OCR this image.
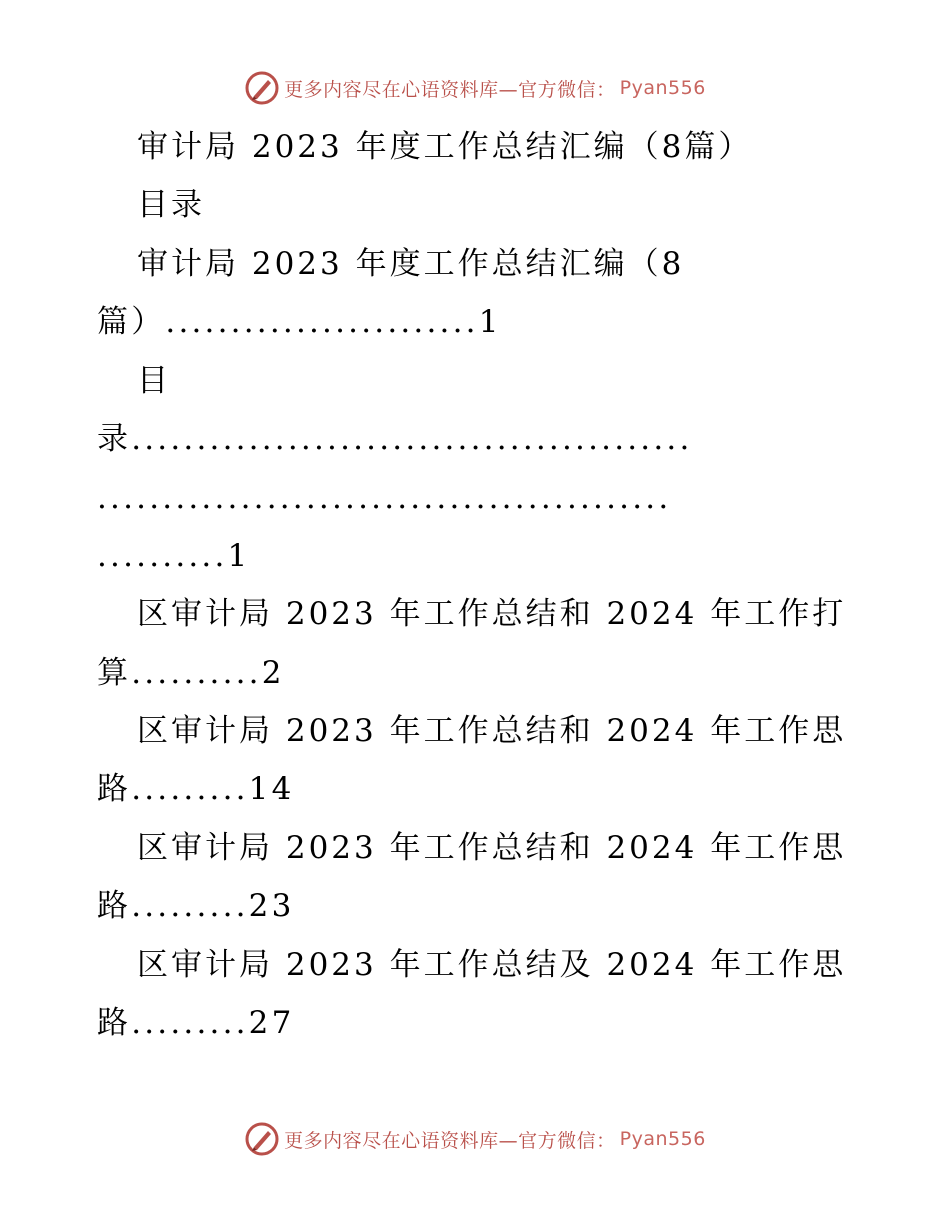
更多内容尽在心语资料库—官方微信： Pyan556
审计局 2023 年度工作总结汇编（8篇）
目录
审计局 2023 年度工作总结汇编（8
篇）........................1
目
录...........................................
............................................
..........1
区审计局 2023 年工作总结和 2024 年工作打
算..........2
区审计局 2023 年工作总结和 2024 年工作思
路.........14
区审计局 2023 年工作总结和 2024 年工作思
路.........23
区审计局 2023 年工作总结及 2024 年工作思
路.........27
更多内容尽在心语资料库—官方微信： Pyan556
